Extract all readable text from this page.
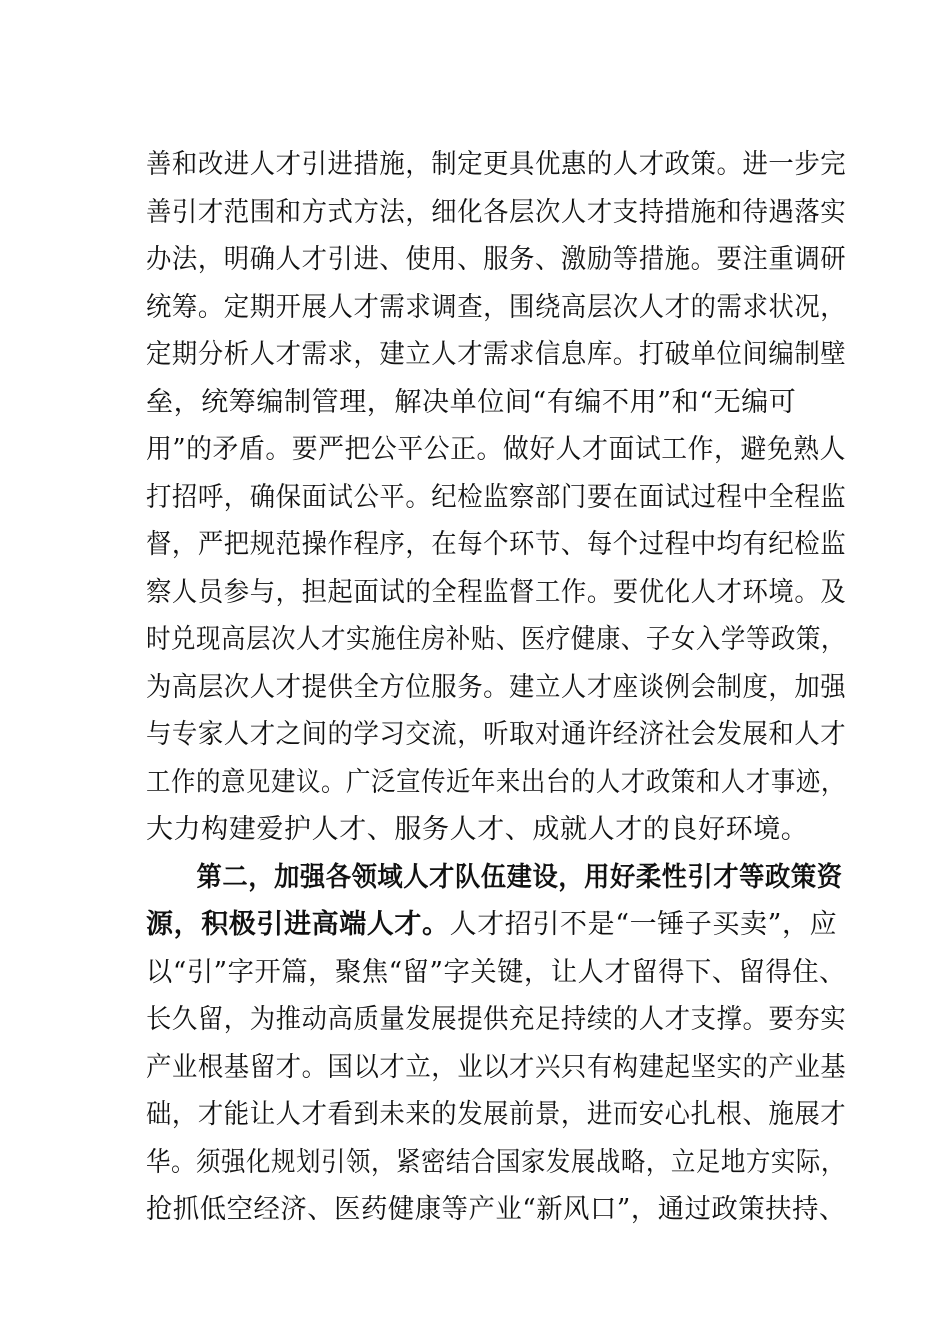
善和改进人才引进措施，制定更具优惠的人才政策。进一步完
善引才范围和方式方法，细化各层次人才支持措施和待遇落实
办法，明确人才引进、使用、服务、激励等措施。要注重调研
统筹。定期开展人才需求调查，围绕高层次人才的需求状况，
定期分析人才需求，建立人才需求信息库。打破单位间编制壁
垒，统筹编制管理，解决单位间“有编不用”和“无编可
用”的矛盾。要严把公平公正。做好人才面试工作，避免熟人
打招呼，确保面试公平。纪检监察部门要在面试过程中全程监
督，严把规范操作程序，在每个环节、每个过程中均有纪检监
察人员参与，担起面试的全程监督工作。要优化人才环境。及
时兑现高层次人才实施住房补贴、医疗健康、子女入学等政策，
为高层次人才提供全方位服务。建立人才座谈例会制度，加强
与专家人才之间的学习交流，听取对通许经济社会发展和人才
工作的意见建议。广泛宣传近年来出台的人才政策和人才事迹，
大力构建爱护人才、服务人才、成就人才的良好环境。
第二，加强各领域人才队伍建设，用好柔性引才等政策资
源，积极引进高端人才。人才招引不是“一锤子买卖”，应
以“引”字开篇，聚焦“留”字关键，让人才留得下、留得住、
长久留，为推动高质量发展提供充足持续的人才支撑。要夯实
产业根基留才。国以才立，业以才兴只有构建起坚实的产业基
础，才能让人才看到未来的发展前景，进而安心扎根、施展才
华。须强化规划引领，紧密结合国家发展战略，立足地方实际，
抢抓低空经济、医药健康等产业“新风口”，通过政策扶持、
